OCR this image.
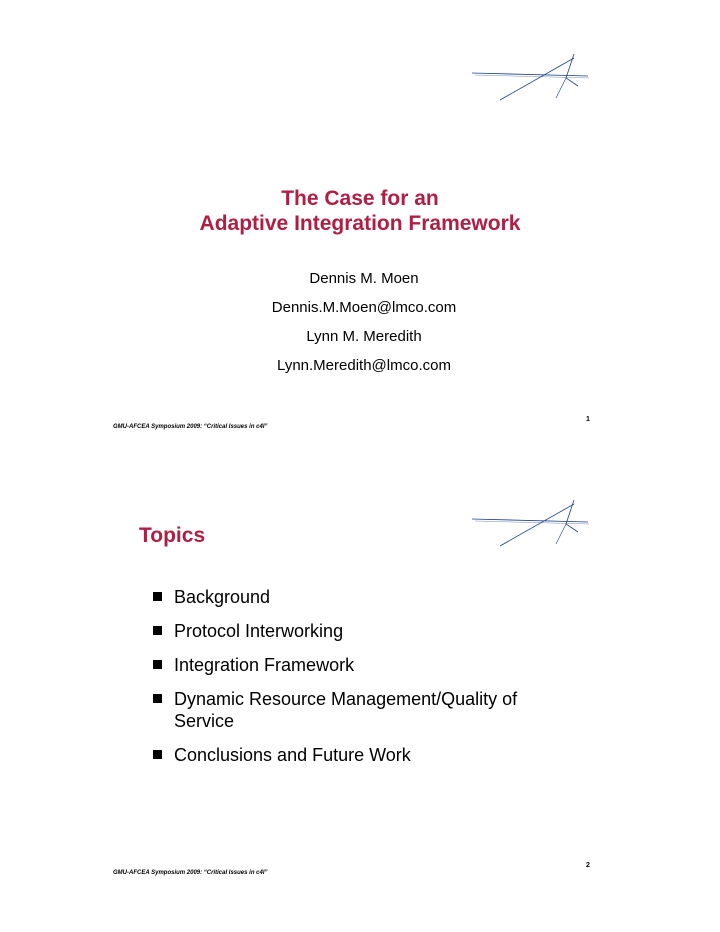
The Case for an
Adaptive Integration Framework
Dennis M. Moen
Dennis.M.Moen@lmco.com
Lynn M. Meredith
Lynn.Meredith@lmco.com
1
GMU-AFCEA Symposium 2009: “Critical Issues in c4I”
Topics
Background
Protocol Interworking
Integration Framework
Dynamic Resource Management/Quality of Service
Conclusions and Future Work
2
GMU-AFCEA Symposium 2009: “Critical Issues in c4I”
